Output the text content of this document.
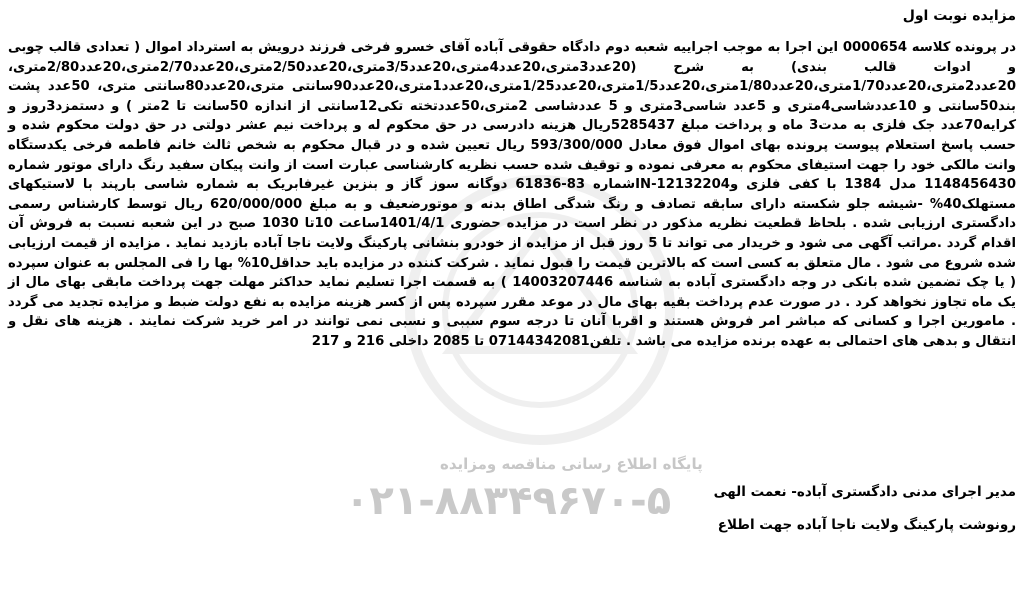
مزایده نوبت اول
در پرونده کلاسه 0000654 این اجرا به موجب اجراییه شعبه دوم دادگاه حقوقی آباده آقای خسرو فرخی فرزند درویش به استرداد اموال ( تعدادی قالب چوبی و ادوات قالب بندی) به شرح (20عدد3متری،20عدد4متری،20عدد3/5متری،20عدد2/50متری،20عدد2/70متری،20عدد2/80متری، 20عدد2متری،20عدد1/70متری،20عدد1/80متری،20عدد1/5متری،20عدد1/25متری،20عدد1متری،20عدد90سانتی متری،20عدد80سانتی متری، 50عدد پشت بند50سانتی و 10عددشاسی4متری و 5عدد شاسی3متری و 5 عددشاسی 2متری،50عددتخته تکی12سانتی از اندازه 50سانت تا 2متر ) و دستمزد3روز و کرایه70عدد جک فلزی به مدت3 ماه و پرداخت مبلغ 5285437ریال هزینه دادرسی در حق محکوم له و پرداخت نیم عشر دولتی در حق دولت محکوم شده و حسب پاسخ استعلام پیوست پرونده بهای اموال فوق معادل 593/300/000 ریال تعیین شده و در قبال محکوم به شخص ثالث خانم فاطمه فرخی یکدستگاه وانت مالکی خود را جهت استیفای محکوم به معرفی نموده و توقیف شده حسب نظریه کارشناسی عبارت است از وانت پیکان سفید رنگ دارای موتور شماره 1148456430 مدل 1384 با کفی فلزی وIN-12132204شماره 83-61836 دوگانه سوز گاز و بنزین غیرفابریک به شماره شاسی بارپند با لاستیکهای مستهلک40% -شیشه جلو شکسته دارای سابقه تصادف و رنگ شدگی اطاق بدنه و موتورضعیف و به مبلغ 620/000/000 ریال توسط کارشناس رسمی دادگستری ارزیابی شده . بلحاظ قطعیت نظریه مذکور در نظر است در مزایده حضوری 1401/4/1ساعت 10تا 1030 صبح در این شعبه نسبت به فروش آن اقدام گردد .مراتب آگهی می شود و خریدار می تواند تا 5 روز قبل از مزایده از خودرو بنشانی پارکینگ ولایت ناجا آباده بازدید نماید . مزایده از قیمت ارزیابی شده شروع می شود . مال متعلق به کسی است که بالاترین قیمت را قبول نماید . شرکت کننده در مزایده باید حداقل10% بها را فی المجلس به عنوان سپرده ( یا چک تضمین شده بانکی در وجه دادگستری آباده به شناسه 14003207446 ) به قسمت اجرا تسلیم نماید حداکثر مهلت جهت پرداخت مابقی بهای مال از یک ماه تجاوز نخواهد کرد . در صورت عدم پرداخت بقیه بهای مال در موعد مقرر سپرده پس از کسر هزینه مزایده به نفع دولت ضبط و مزایده تجدید می گردد . مامورین اجرا و کسانی که مباشر امر فروش هستند و اقربا آنان تا درجه سوم سببی و نسبی نمی توانند در امر خرید شرکت نمایند . هزینه های نقل و انتقال و بدهی های احتمالی به عهده برنده مزایده می باشد . تلفن07144342081 تا 2085 داخلی 216 و 217
پایگاه اطلاع رسانی مناقصه ومزایده
۰۲۱-۸۸۳۴۹۶۷۰-۵	مدیر اجرای مدنی دادگستری آباده- نعمت الهی
رونوشت پارکینگ ولایت ناجا آباده جهت اطلاع
